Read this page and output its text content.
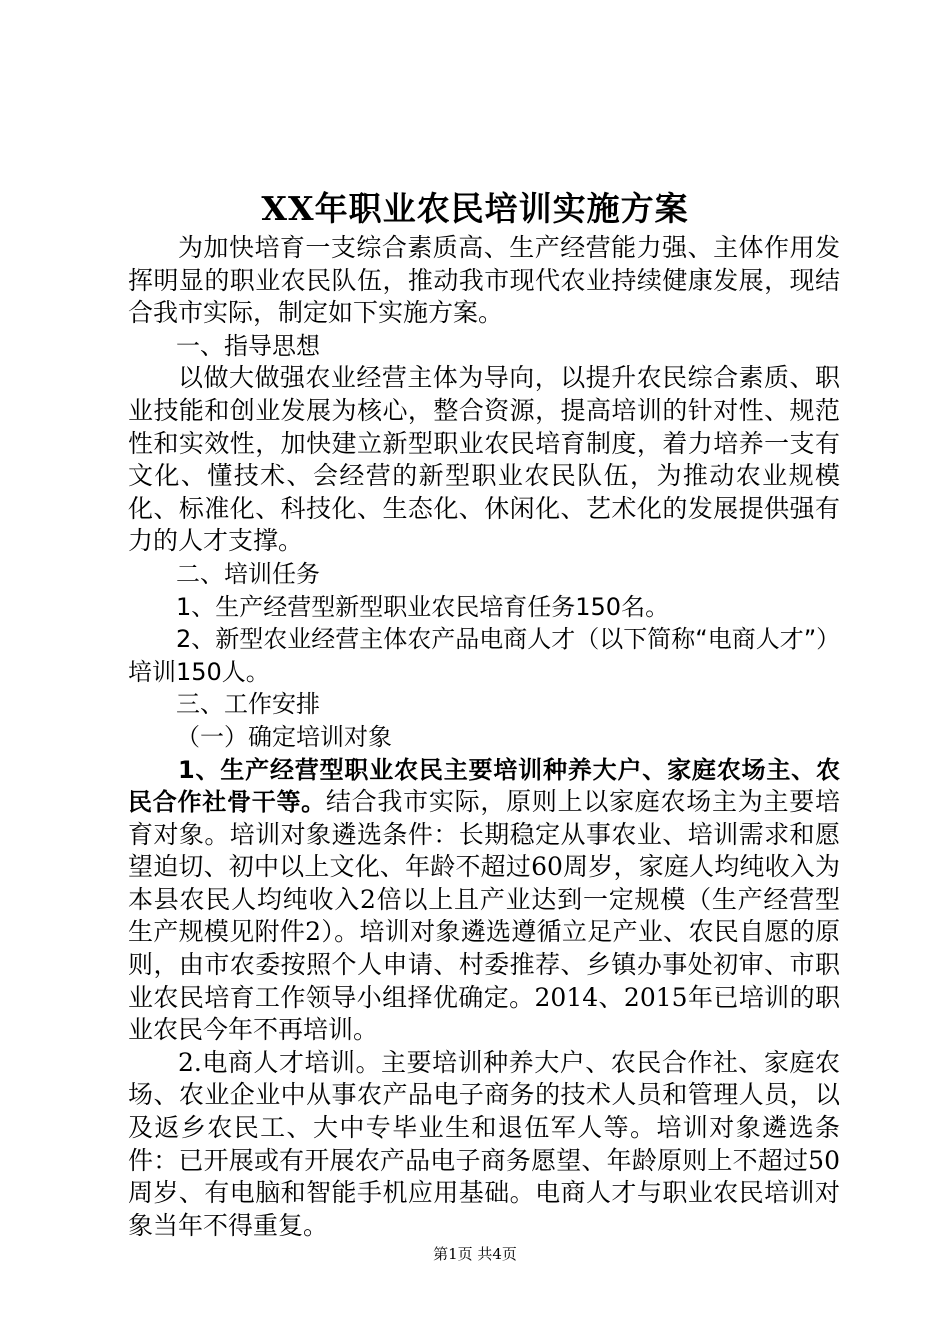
XX年职业农民培训实施方案

为加快培育一支综合素质高、生产经营能力强、主体作用发挥明显的职业农民队伍，推动我市现代农业持续健康发展，现结合我市实际，制定如下实施方案。

一、指导思想

以做大做强农业经营主体为导向，以提升农民综合素质、职业技能和创业发展为核心，整合资源，提高培训的针对性、规范性和实效性，加快建立新型职业农民培育制度，着力培养一支有文化、懂技术、会经营的新型职业农民队伍，为推动农业规模化、标准化、科技化、生态化、休闲化、艺术化的发展提供强有力的人才支撑。

二、培训任务

1、生产经营型新型职业农民培育任务150名。

2、新型农业经营主体农产品电商人才（以下简称“电商人才”）培训150人。

三、工作安排

（一）确定培训对象

1、生产经营型职业农民主要培训种养大户、家庭农场主、农民合作社骨干等。结合我市实际，原则上以家庭农场主为主要培育对象。培训对象遴选条件：长期稳定从事农业、培训需求和愿望迫切、初中以上文化、年龄不超过60周岁，家庭人均纯收入为本县农民人均纯收入2倍以上且产业达到一定规模（生产经营型生产规模见附件2）。培训对象遴选遵循立足产业、农民自愿的原则，由市农委按照个人申请、村委推荐、乡镇办事处初审、市职业农民培育工作领导小组择优确定。2014、2015年已培训的职业农民今年不再培训。

2.电商人才培训。主要培训种养大户、农民合作社、家庭农场、农业企业中从事农产品电子商务的技术人员和管理人员，以及返乡农民工、大中专毕业生和退伍军人等。培训对象遴选条件：已开展或有开展农产品电子商务愿望、年龄原则上不超过50周岁、有电脑和智能手机应用基础。电商人才与职业农民培训对象当年不得重复。

第1页 共4页
